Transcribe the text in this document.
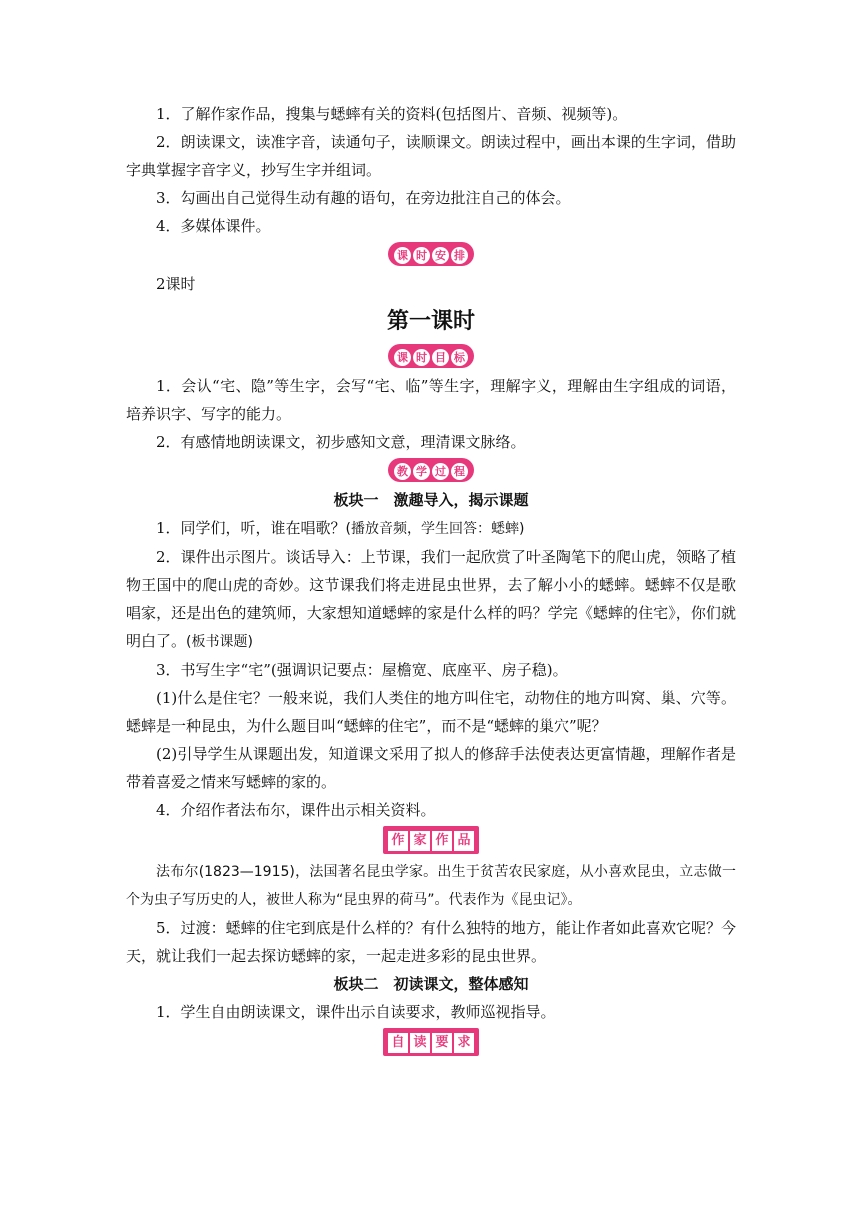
1．了解作家作品，搜集与蟋蟀有关的资料(包括图片、音频、视频等)。

2．朗读课文，读准字音，读通句子，读顺课文。朗读过程中，画出本课的生字词，借助字典掌握字音字义，抄写生字并组词。

3．勾画出自己觉得生动有趣的语句，在旁边批注自己的体会。

4．多媒体课件。

课 时 安 排

2课时

第一课时
课 时 目 标

1．会认“宅、隐”等生字，会写“宅、临”等生字，理解字义，理解由生字组成的词语，培养识字、写字的能力。

2．有感情地朗读课文，初步感知文意，理清课文脉络。

教 学 过 程
板块一　激趣导入，揭示课题

1．同学们，听，谁在唱歌？(播放音频，学生回答：蟋蟀)

2．课件出示图片。谈话导入：上节课，我们一起欣赏了叶圣陶笔下的爬山虎，领略了植物王国中的爬山虎的奇妙。这节课我们将走进昆虫世界，去了解小小的蟋蟀。蟋蟀不仅是歌唱家，还是出色的建筑师，大家想知道蟋蟀的家是什么样的吗？学完《蟋蟀的住宅》，你们就明白了。(板书课题)

3．书写生字“宅”(强调识记要点：屋檐宽、底座平、房子稳)。

(1)什么是住宅？一般来说，我们人类住的地方叫住宅，动物住的地方叫窝、巢、穴等。蟋蟀是一种昆虫，为什么题目叫“蟋蟀的住宅”，而不是“蟋蟀的巢穴”呢？

(2)引导学生从课题出发，知道课文采用了拟人的修辞手法使表达更富情趣，理解作者是带着喜爱之情来写蟋蟀的家的。

4．介绍作者法布尔，课件出示相关资料。

作 家 作 品

法布尔(1823—1915)，法国著名昆虫学家。出生于贫苦农民家庭，从小喜欢昆虫，立志做一个为虫子写历史的人，被世人称为“昆虫界的荷马”。代表作为《昆虫记》。

5．过渡：蟋蟀的住宅到底是什么样的？有什么独特的地方，能让作者如此喜欢它呢？今天，就让我们一起去探访蟋蟀的家，一起走进多彩的昆虫世界。

板块二　初读课文，整体感知

1．学生自由朗读课文，课件出示自读要求，教师巡视指导。

自 读 要 求
